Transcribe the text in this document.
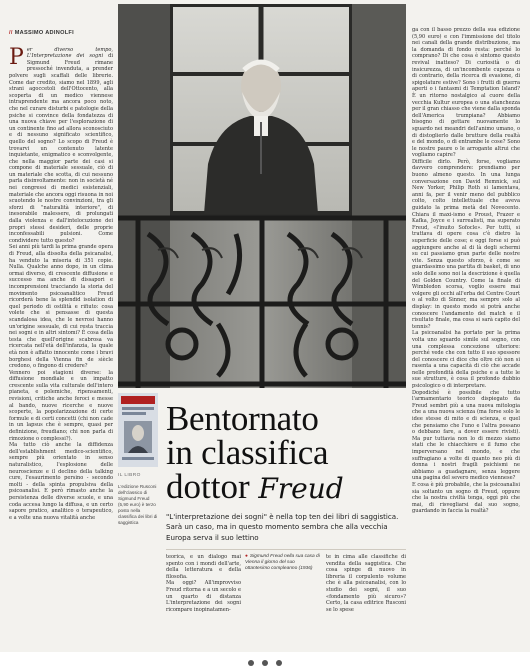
// MASSIMO ADINOLFI

Per diverso tempo, L'Interpretazione dei sogni di Sigmund Freud rimane pressoché invenduta, a prender polvere sugli scaffali delle librerie. Come dar credito, siamo nel 1899, agli strani agoccetoli dell'Ottocento, alla scoperta di un medico viennese intraprendente ma ancora poco noto, che nel curare disturbi e patologie della psiche si convince della fondatezza di una nuova chiave per l'esplorazione di un continente fino ad allora sconosciuto e di nessuno significato scientifico, quello del sogno? Lo scopo di Freud è trovarvi un contenuto latente inquietante, enigmatico e sconvolgente, che nella maggior parte dei casi si compone di materiale sessuale, ciò di un materiale che scotta, di cui nessuno parla disinvoltamente: non in società né nei congressi di medici esistenziali, materiale che ancora oggi risuona in noi scuotendo le nostre convinzioni, tra gli sforzi di "naturalità interiore", di inesorabile malessere, di prolungati dalla violenza e dall'intelocuzione dei propri stessi desideri, delle proprie inconfessabili pulsioni. Come condividere tutto questo?
Sei anni più tardi la prima grande opera di Freud, alla dissolta della psicanalisi, ha venduto la miseria di 351 copie. Nulla. Qualche anno dopo, in un clima ormai diverso, di crescente diffusione e successo ma anche di dissapori e incomprensioni tracciando la storia del movimento psicoanalitico Freud ricorderà bene la splendid isolation di quel periodo di ostilità e rifiuto: cosa volete che si pensasse di questa scandalosa idea, che le nevrosi hanno un'origine sessuale, di cui resta traccia nei sogni e in altri sintomi? È cosa della testa che quell'origine scabrosa va ricercata nell'età dell'infanzia, la quale età non è affatto innocente come i bravi borghesi della Vienna fin de siècle credono, o fingono di credere?
Vennero poi stagioni diverse: la diffusione mondiale e un impatto crescente sulla vita culturale dell'intero pianeta, e polemiche, ripensamenti, revisioni, critiche anche feroci e messe al bando, nuove ricerche e nuove scoperte, la popolarizzazione di certe formule e di certi concetti (chi non cade in un lapsus che è sempre, quasi per definizione, freudiano; chi non parla di rimozione o complessi?).
Ma tutto ciò anche la diffidenza dell'establishment medico-scientifico, sempre più orientato in senso naturalistico, l'esplosione delle neuroscienze e il declino della talking cure, l'esaurimento persino - secondo molti - della spinta propulsiva della psicoanalisi. E però rimasto anche la persistenza delle diverse scuole, e una coda accesa lungo la diffusa, e un certo sapore pratico, analitico o terapeutico, e a volte una nuova vitalità anche

IL LIBRO
L'edizione Rusconi dell'classico di Sigmund Freud (5,90 euro) è terzo posto nella classifica dei libri di saggistica
Bentornato
in classifica
dottor Freud
"L'interpretazione dei sogni" è nella top ten dei libri di saggistica. Sarà un caso, ma in questo momento sembra che alla vecchia Europa serva il suo lettino
teorica, e un dialogo mai spento con i mondi dell'arte, della letteratura e della filosofia.
Ma oggi? All'improvviso Freud ritorna e a un secolo e un quarto di distanza L'interpretazione dei sogni ricompare inopinatamen-
● Sigmund Freud nella sua casa di Vienna il giorno del suo ottantesimo compleanno (1936)
te in cima alle classifiche di vendita della saggistica. Che cosa spinge di nuovo in libreria il corpulento volume che è alla psicoanalisi, con lo studio dei sogni, il suo «fondamento più sicuro»? Certo, la casa editrice Rusconi se lo spese
ga con il basso prezzo della sua edizione (5,90 euro) e con l'immissione del titolo nei canali della grande distribuzione, ma la domanda di fondo resta: perché lo comprano? Di che cosa è sintomo questo revival inatteso? Di curiosità o di insicurezza, di un'incombente cupezza o di contrario, della ricerca di evasione, di spigolature estive? Sono i frutti di guerra aperti o i fantasmi di Temptation Island? È un ritorno nostalgico al cuore della vecchia Kultur europea o una stanchezza per il gran chiasso che viene dalla sponda dell'America trumpiana? Abbiamo bisogno di gettare nuovamente lo sguardo nei meandri dell'animo umano, o di distoglierlo dalle brutture della realtà e del mondo, o di entrambe le cose? Sono le nostre paure o le arrogante altrui che vogliamo capire?
Difficile dirlo. Però, forse, vogliamo davvero comprendere: prendiamo per buono almeno questo. In una lunga conversazione con David Remnick, sul New Yorker, Philip Roth si lamentava, anni fa, per il venir meno del pubblico colto, colto intellettuale che aveva guidato la prima metà del Novecento. Chiara il maxi-ismo e Proust, Frazer e Kafka, Joyce e i surrealisti, ma superato Freud, «l'inuito Sofocle». Per tutti, si trattava di opere cosa c'è dietro la superficie delle cose; e oggi forse si può aggiungere anche al di là degli schermi su cui passiamo gran parte delle nostre vite. Senza questo sforzo, è come se guardassimo una partita di basket, di uno solo delle sono noi la descrizione è quella del Golden Country. Come la finale di Wimbledon scorsa, voglio essere mai volgere gli occhi all'erba del Centre Court o al volto di Sinner, ma sempre solo al display: in questo modo si potrà anche conoscere l'andamento del match e il risultato finale, ma cosa si sarà capito del tennis?
La psicoanalisi ha portato per la prima volta uno sguardo simile sul sogno, con una complessa concezione ulteriore: perché vede che con tutto il suo spessore del conoscere ci dice che oltre ciò non si rasenta a una capacità di ciò che accade nelle profondità della psiche e a tutte le sue strutture, è cosa il profondo dubbio psicologico o di interpretare.
Dopodiché è possibile che tutto l'armamentario teorico dispiegato da Freud sembri più a una nuova mitologia che a una nuova scienza (ma forse solo le idee stesse di mito e di scienza, e quel che pensiamo che l'uno e l'altra possano o debbano fare, a dover essere rivisti). Ma pur tuttavia non lo di mezzo siamo stati che le chiacchiere e il fumo che imperversano nel mondo, e che suffragiano a volte di quanto neo più di donna i nostri fragili psichismi ne abbiamo a guadagnare, senza leggere una pagina del severo medico viennese?
E cosa è più probabile, che la psicoanalisi sia soltanto un sogno di Freud, oppure che la nostra civiltà tenga, oggi più che mai, di risvegliarsi dal suo sogno, guardando in faccia la realtà?
